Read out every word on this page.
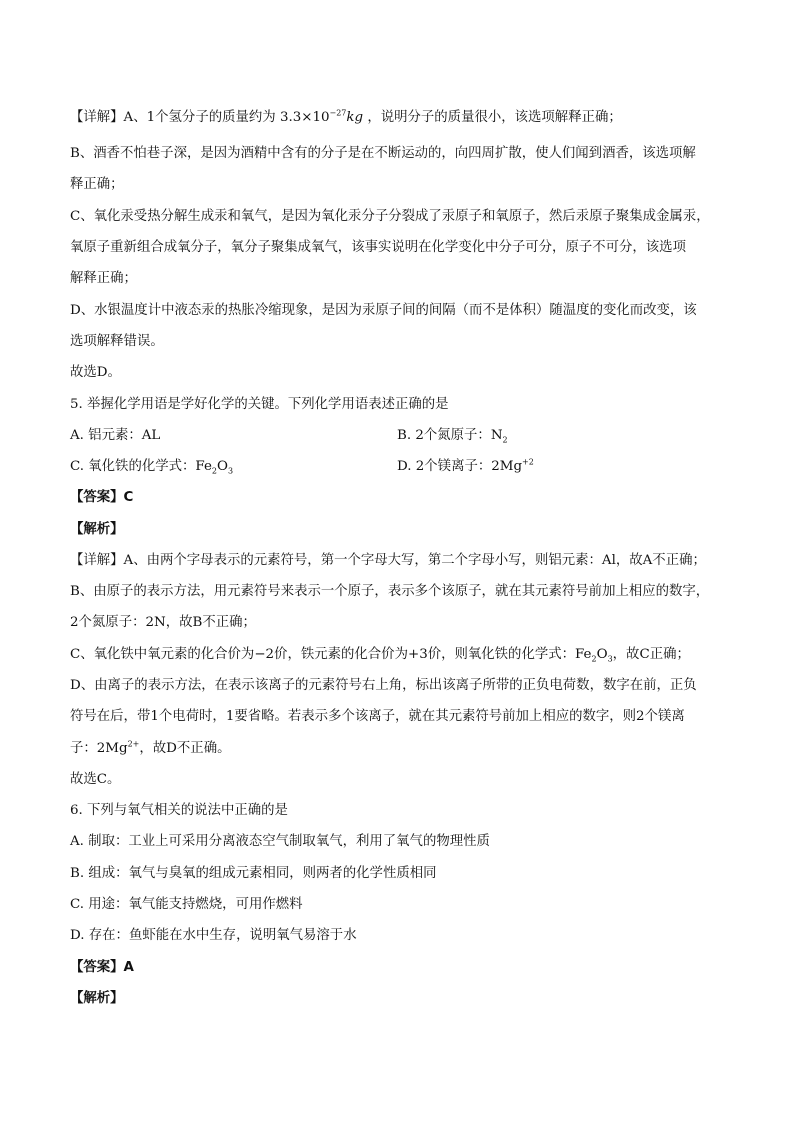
【详解】A、1个氢分子的质量约为 $3.3\times 10^{-27}kg$ ，说明分子的质量很小，该选项解释正确；
B、酒香不怕巷子深，是因为酒精中含有的分子是在不断运动的，向四周扩散，使人们闻到酒香，该选项解
释正确；
C、氧化汞受热分解生成汞和氧气，是因为氧化汞分子分裂成了汞原子和氧原子，然后汞原子聚集成金属汞，
氧原子重新组合成氧分子，氧分子聚集成氧气，该事实说明在化学变化中分子可分，原子不可分，该选项
解释正确；
D、水银温度计中液态汞的热胀冷缩现象，是因为汞原子间的间隔（而不是体积）随温度的变化而改变，该
选项解释错误。
故选D。
5. 举握化学用语是学好化学的关键。下列化学用语表述正确的是
A. 铝元素：AL	B. 2个氮原子：$N_2$
C. 氧化铁的化学式：$Fe_2O_3$	D. 2个镁离子：$2Mg^{+2}$
【答案】C
【解析】
【详解】A、由两个字母表示的元素符号，第一个字母大写，第二个字母小写，则铝元素：Al，故A不正确；
B、由原子的表示方法，用元素符号来表示一个原子，表示多个该原子，就在其元素符号前加上相应的数字，
2个氮原子：2N，故B不正确；
C、氧化铁中氧元素的化合价为−2价，铁元素的化合价为+3价，则氧化铁的化学式：$Fe_2O_3$，故C正确；
D、由离子的表示方法，在表示该离子的元素符号右上角，标出该离子所带的正负电荷数，数字在前，正负
符号在后，带1个电荷时，1要省略。若表示多个该离子，就在其元素符号前加上相应的数字，则2个镁离
子：$2Mg^{2+}$，故D不正确。
故选C。
6. 下列与氧气相关的说法中正确的是
A. 制取：工业上可采用分离液态空气制取氧气，利用了氧气的物理性质
B. 组成：氧气与臭氧的组成元素相同，则两者的化学性质相同
C. 用途：氧气能支持燃烧，可用作燃料
D. 存在：鱼虾能在水中生存，说明氧气易溶于水
【答案】A
【解析】
